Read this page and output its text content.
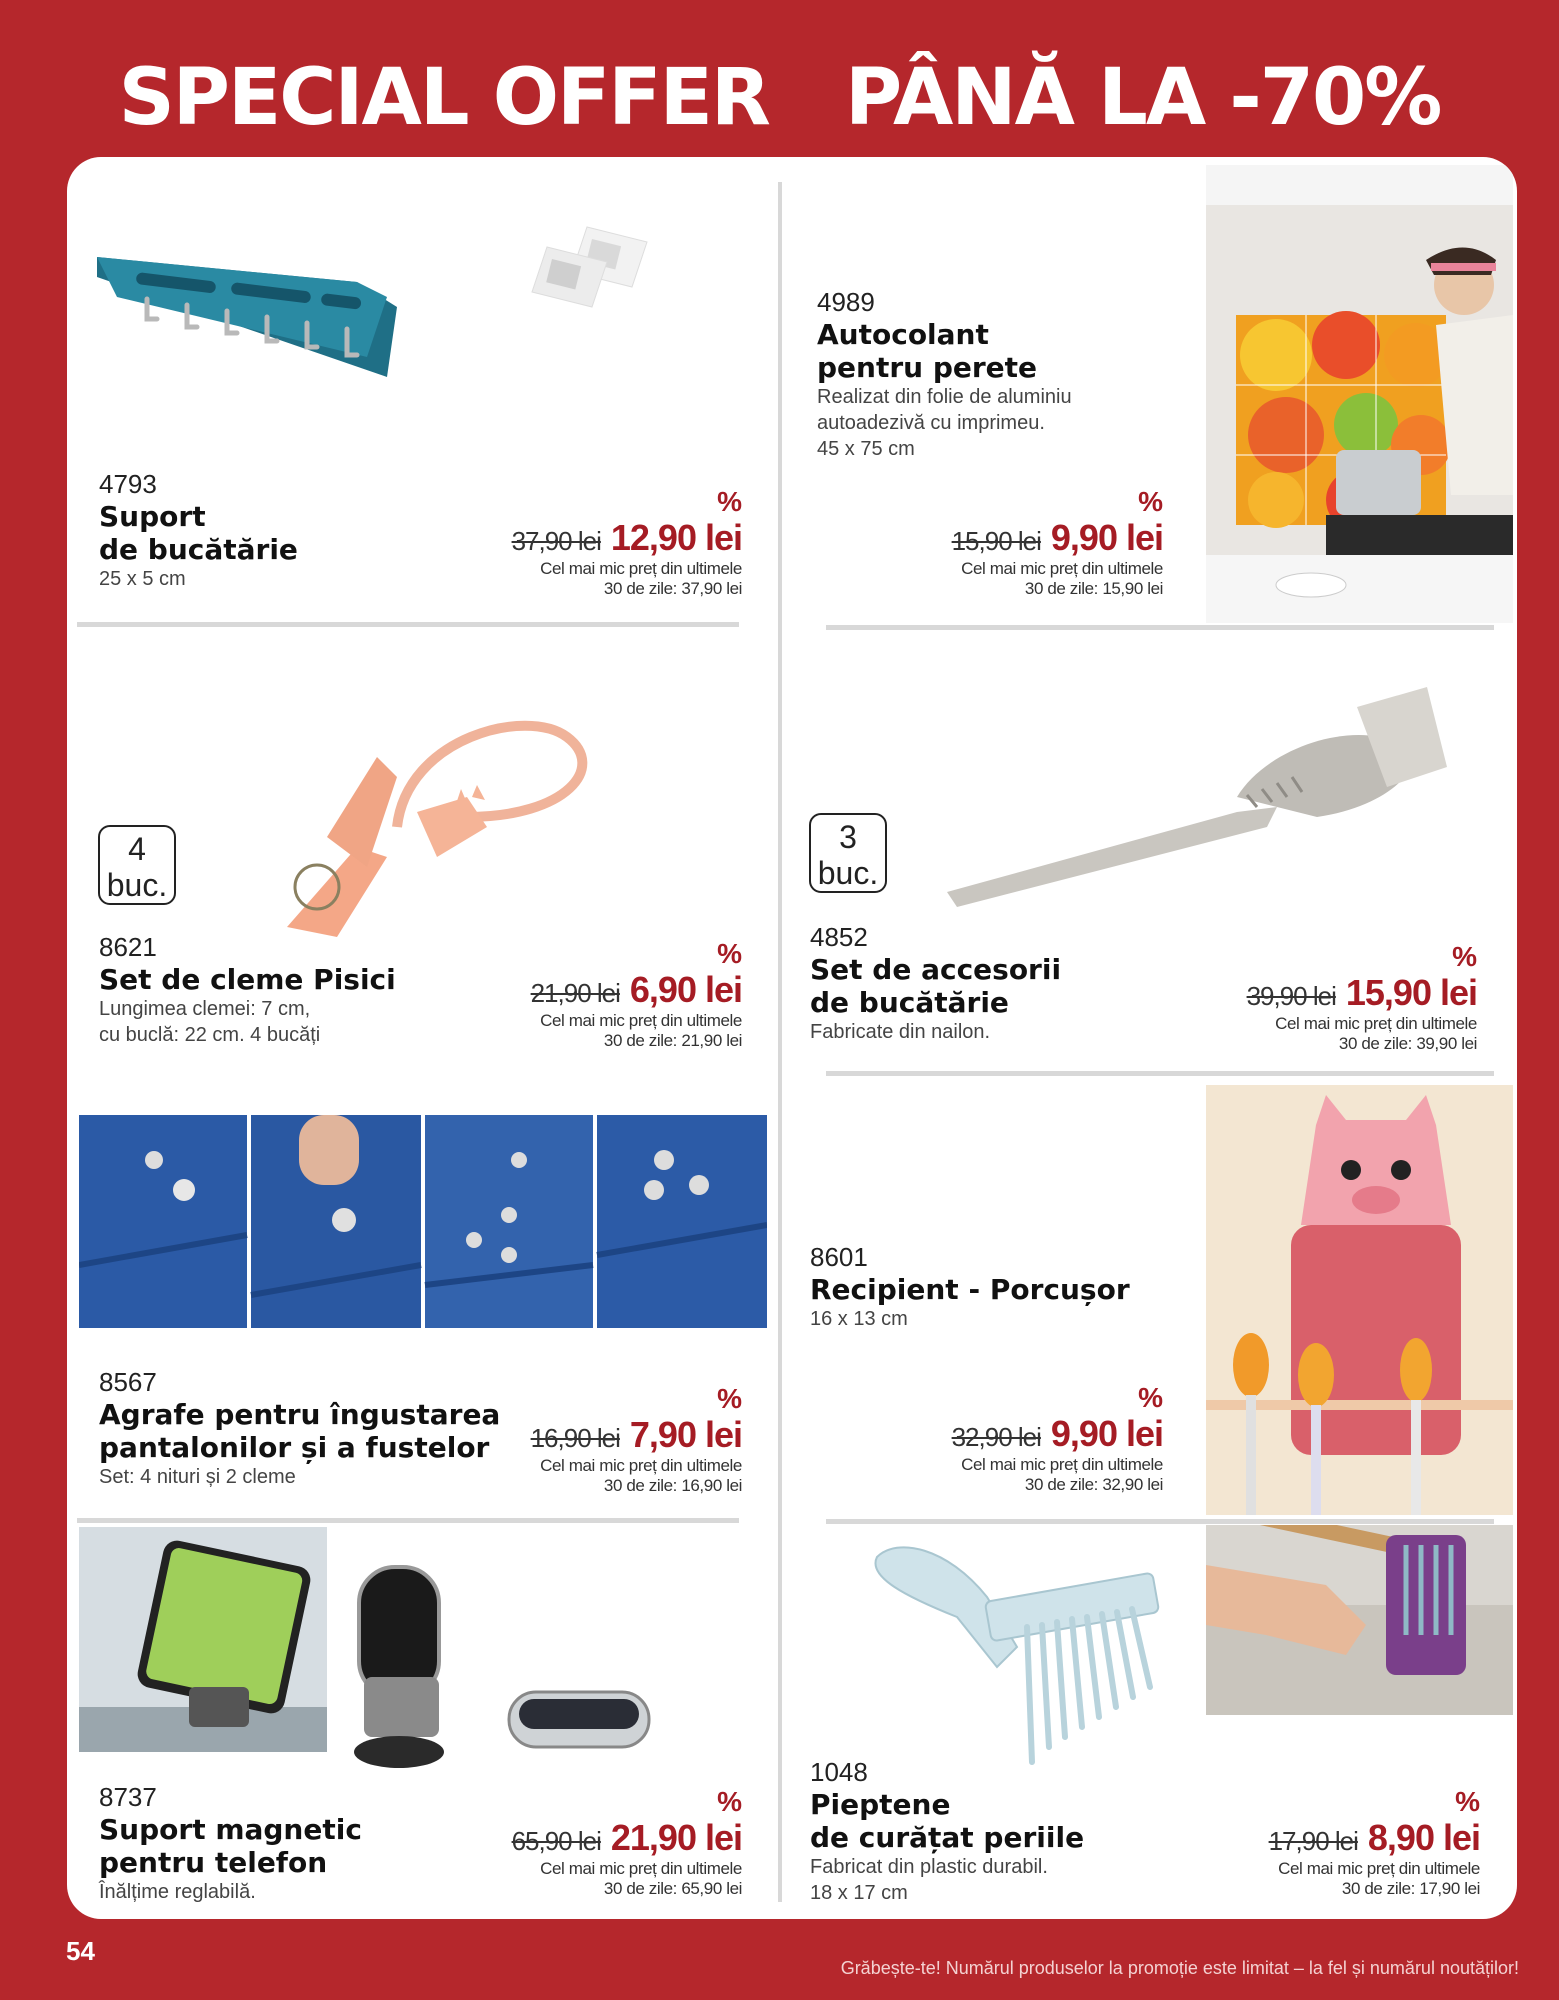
SPECIAL OFFER PÂNĂ LA -70%
4793
Suport
de bucătărie
25 x 5 cm
%
37,90 lei 12,90 lei
Cel mai mic preț din ultimele
30 de zile: 37,90 lei
4989
Autocolant
pentru perete
Realizat din folie de aluminiu
autoadezivă cu imprimeu.
45 x 75 cm
%
15,90 lei 9,90 lei
Cel mai mic preț din ultimele
30 de zile: 15,90 lei
4
buc.
8621
Set de cleme Pisici
Lungimea clemei: 7 cm,
cu buclă: 22 cm. 4 bucăți
%
21,90 lei 6,90 lei
Cel mai mic preț din ultimele
30 de zile: 21,90 lei
3
buc.
4852
Set de accesorii
de bucătărie
Fabricate din nailon.
%
39,90 lei 15,90 lei
Cel mai mic preț din ultimele
30 de zile: 39,90 lei
8567
Agrafe pentru îngustarea
pantalonilor și a fustelor
Set: 4 nituri și 2 cleme
%
16,90 lei 7,90 lei
Cel mai mic preț din ultimele
30 de zile: 16,90 lei
8601
Recipient - Porcușor
16 x 13 cm
%
32,90 lei 9,90 lei
Cel mai mic preț din ultimele
30 de zile: 32,90 lei
8737
Suport magnetic
pentru telefon
Înălțime reglabilă.
%
65,90 lei 21,90 lei
Cel mai mic preț din ultimele
30 de zile: 65,90 lei
1048
Pieptene
de curățat periile
Fabricat din plastic durabil.
18 x 17 cm
%
17,90 lei 8,90 lei
Cel mai mic preț din ultimele
30 de zile: 17,90 lei
54
Grăbește-te! Numărul produselor la promoție este limitat – la fel și numărul noutăților!
